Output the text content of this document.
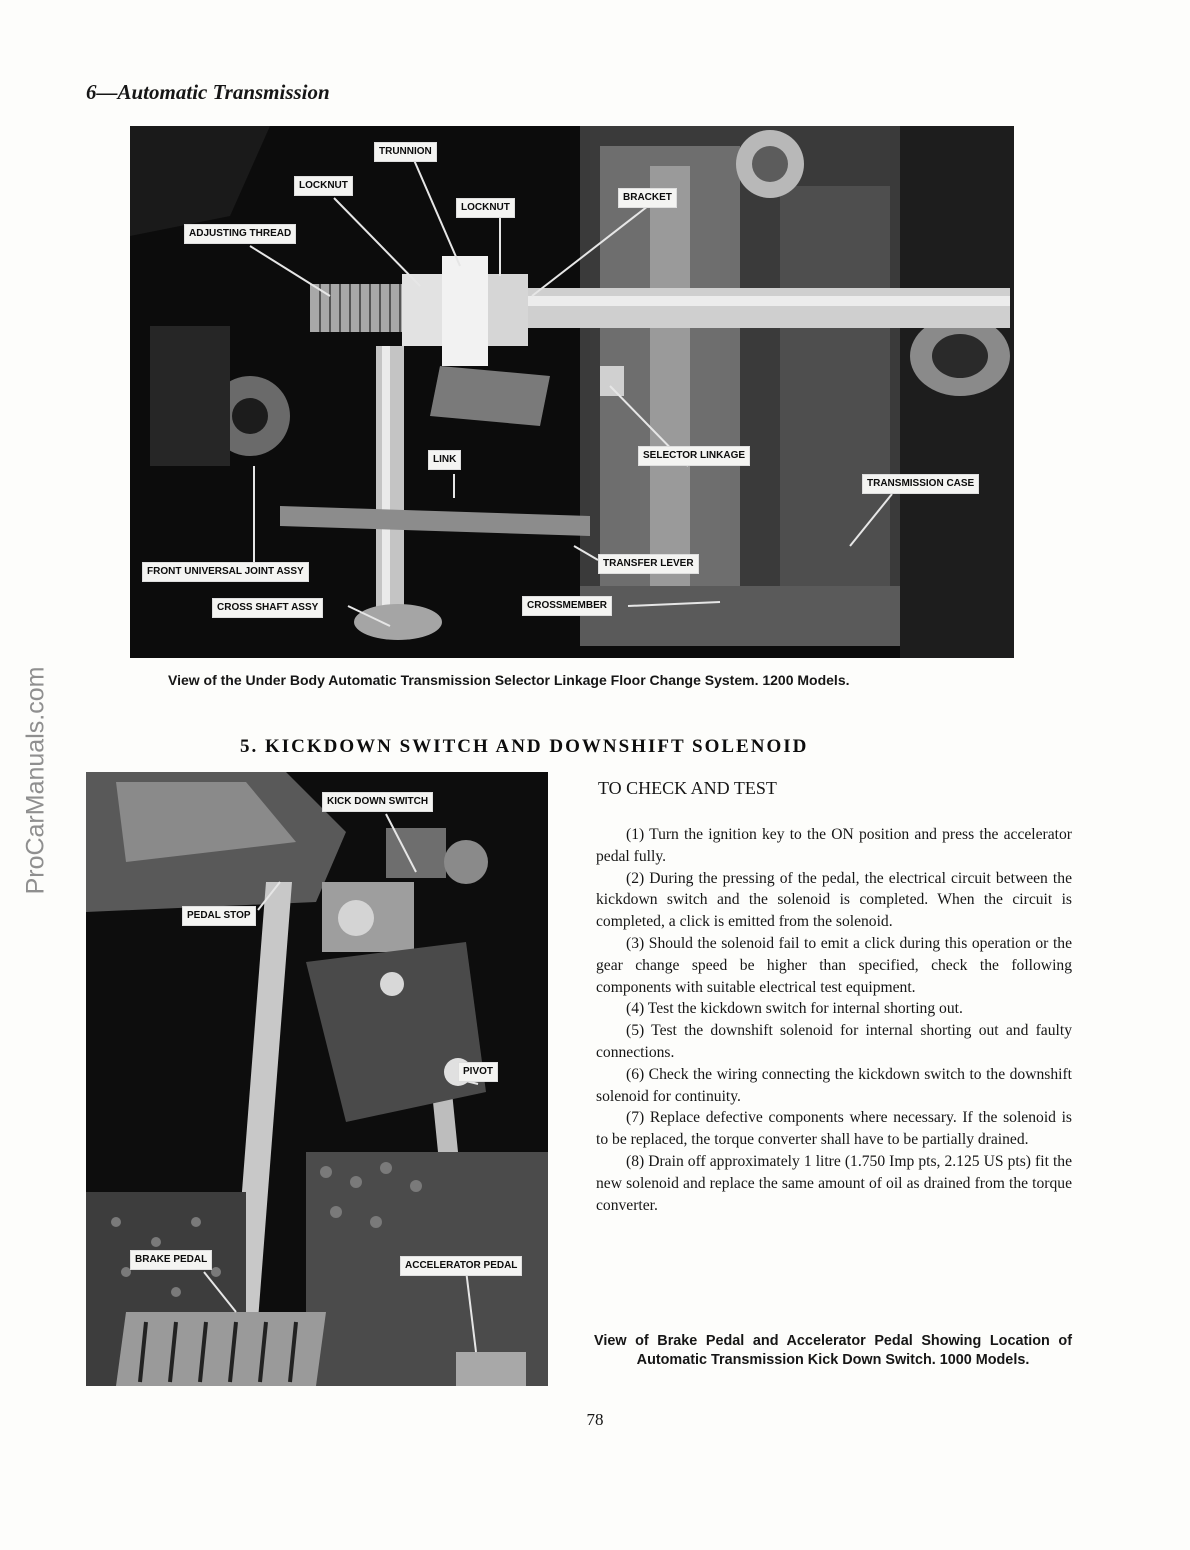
ProCarManuals.com
6—Automatic Transmission
TRUNNION
LOCKNUT
LOCKNUT
BRACKET
ADJUSTING THREAD
LINK	SELECTOR LINKAGE
TRANSMISSION CASE
FRONT UNIVERSAL JOINT ASSY
TRANSFER LEVER
CROSS SHAFT ASSY	CROSSMEMBER
View of the Under Body Automatic Transmission Selector Linkage Floor Change System. 1200 Models.
5. KICKDOWN SWITCH AND DOWNSHIFT SOLENOID
KICK DOWN SWITCH
PEDAL STOP
PIVOT
BRAKE PEDAL
ACCELERATOR PEDAL
TO CHECK AND TEST

(1) Turn the ignition key to the ON position and press the accelerator pedal fully.

(2) During the pressing of the pedal, the electrical circuit between the kickdown switch and the solenoid is completed. When the circuit is completed, a click is emitted from the solenoid.

(3) Should the solenoid fail to emit a click during this operation or the gear change speed be higher than specified, check the following components with suitable electrical test equipment.

(4) Test the kickdown switch for internal shorting out.

(5) Test the downshift solenoid for internal shorting out and faulty connections.

(6) Check the wiring connecting the kickdown switch to the downshift solenoid for continuity.

(7) Replace defective components where necessary. If the solenoid is to be replaced, the torque converter shall have to be partially drained.

(8) Drain off approximately 1 litre (1.750 Imp pts, 2.125 US pts) fit the new solenoid and replace the same amount of oil as drained from the torque converter.

View of Brake Pedal and Accelerator Pedal Showing Location of Automatic Transmission Kick Down Switch. 1000 Models.
78
